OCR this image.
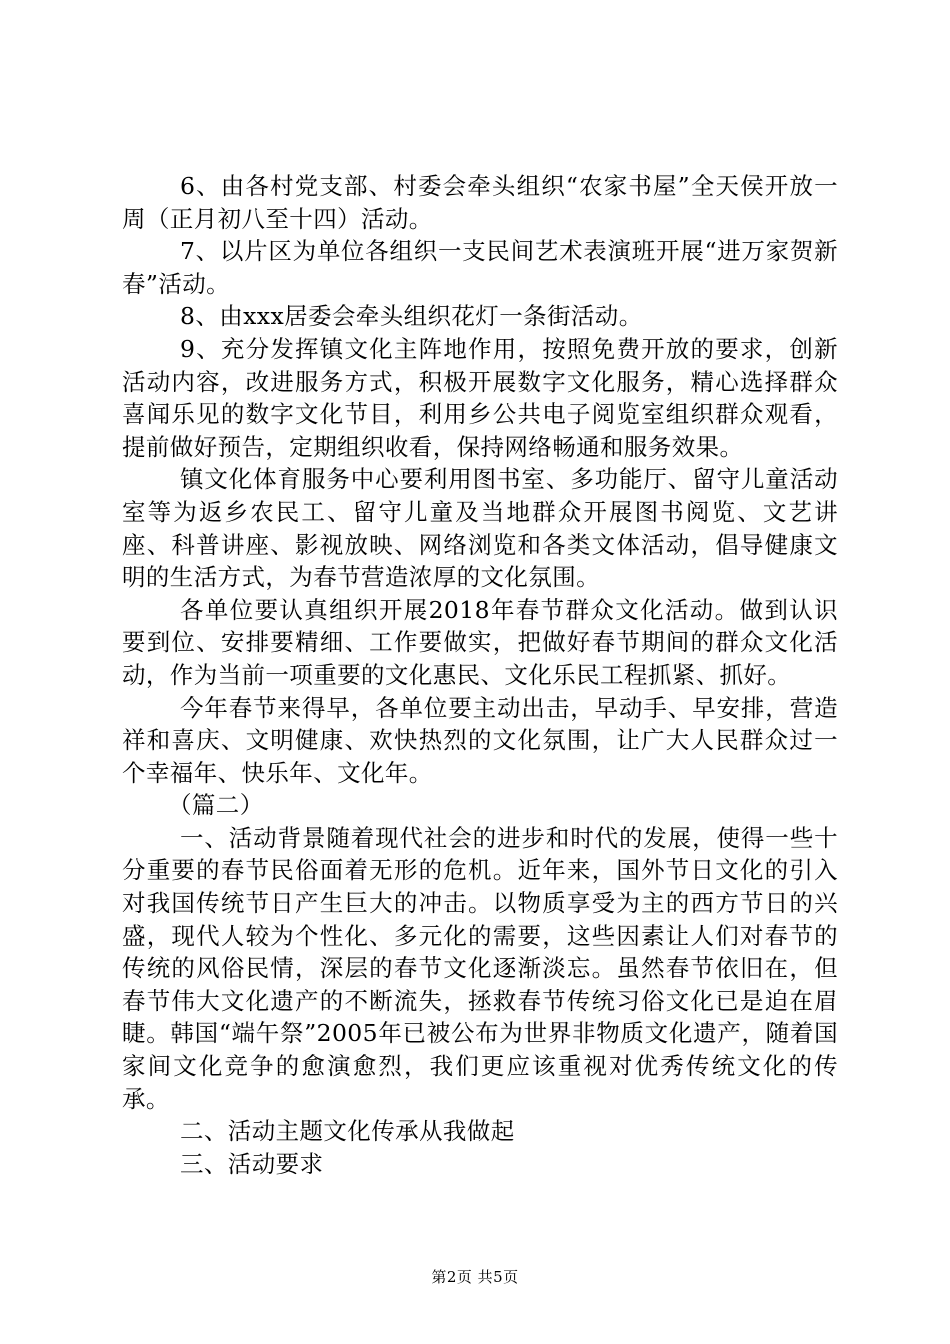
6、由各村党支部、村委会牵头组织“农家书屋”全天侯开放一周（正月初八至十四）活动。

7、以片区为单位各组织一支民间艺术表演班开展“进万家贺新春”活动。

8、由xxx居委会牵头组织花灯一条街活动。

9、充分发挥镇文化主阵地作用，按照免费开放的要求，创新活动内容，改进服务方式，积极开展数字文化服务，精心选择群众喜闻乐见的数字文化节目，利用乡公共电子阅览室组织群众观看，提前做好预告，定期组织收看，保持网络畅通和服务效果。

镇文化体育服务中心要利用图书室、多功能厅、留守儿童活动室等为返乡农民工、留守儿童及当地群众开展图书阅览、文艺讲座、科普讲座、影视放映、网络浏览和各类文体活动，倡导健康文明的生活方式，为春节营造浓厚的文化氛围。

各单位要认真组织开展2018年春节群众文化活动。做到认识要到位、安排要精细、工作要做实，把做好春节期间的群众文化活动，作为当前一项重要的文化惠民、文化乐民工程抓紧、抓好。

今年春节来得早，各单位要主动出击，早动手、早安排，营造祥和喜庆、文明健康、欢快热烈的文化氛围，让广大人民群众过一个幸福年、快乐年、文化年。

（篇二）

一、活动背景随着现代社会的进步和时代的发展，使得一些十分重要的春节民俗面着无形的危机。近年来，国外节日文化的引入对我国传统节日产生巨大的冲击。以物质享受为主的西方节日的兴盛，现代人较为个性化、多元化的需要，这些因素让人们对春节的传统的风俗民情，深层的春节文化逐渐淡忘。虽然春节依旧在，但春节伟大文化遗产的不断流失，拯救春节传统习俗文化已是迫在眉睫。韩国“端午祭”2005年已被公布为世界非物质文化遗产，随着国家间文化竞争的愈演愈烈，我们更应该重视对优秀传统文化的传承。

二、活动主题文化传承从我做起

三、活动要求

第2页 共5页
